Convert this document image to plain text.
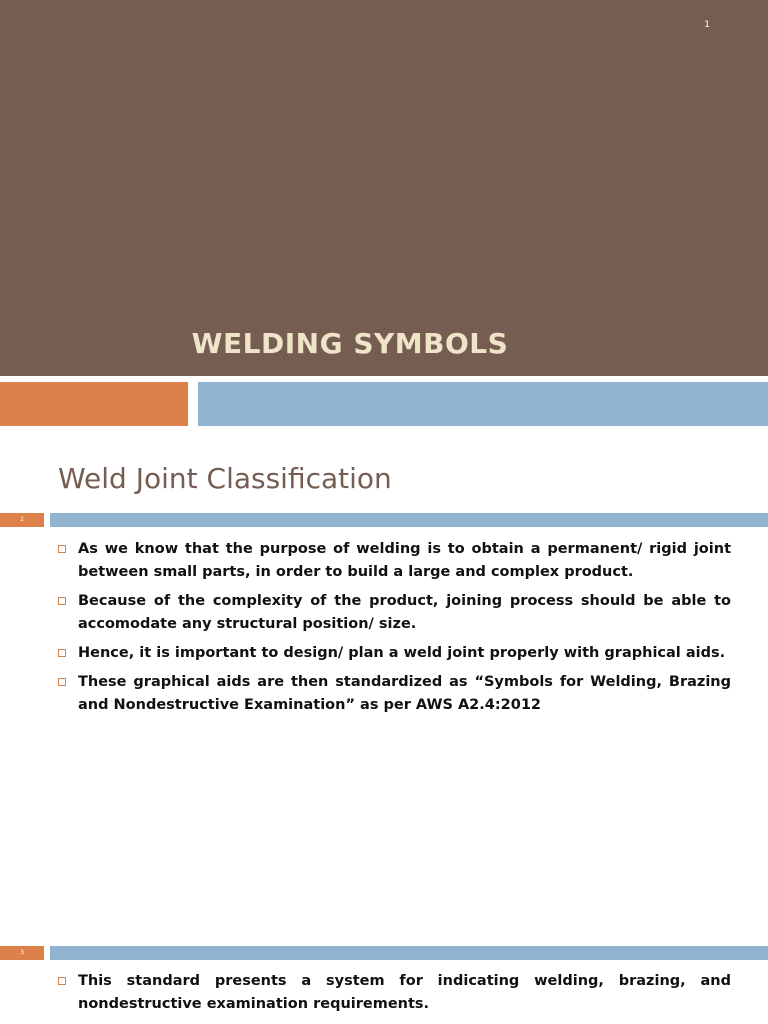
1
WELDING SYMBOLS
Weld Joint Classification
2
As we know that the purpose of welding is to obtain a permanent/ rigid joint between small parts, in order to build a large and complex product.
Because of the complexity of the product, joining process should be able to accomodate any structural position/ size.
Hence, it is important to design/ plan a weld joint properly with graphical aids.
These graphical aids are then standardized as “Symbols for Welding, Brazing and Nondestructive Examination” as per AWS A2.4:2012
3
This standard presents a system for indicating welding, brazing, and nondestructive examination requirements.
